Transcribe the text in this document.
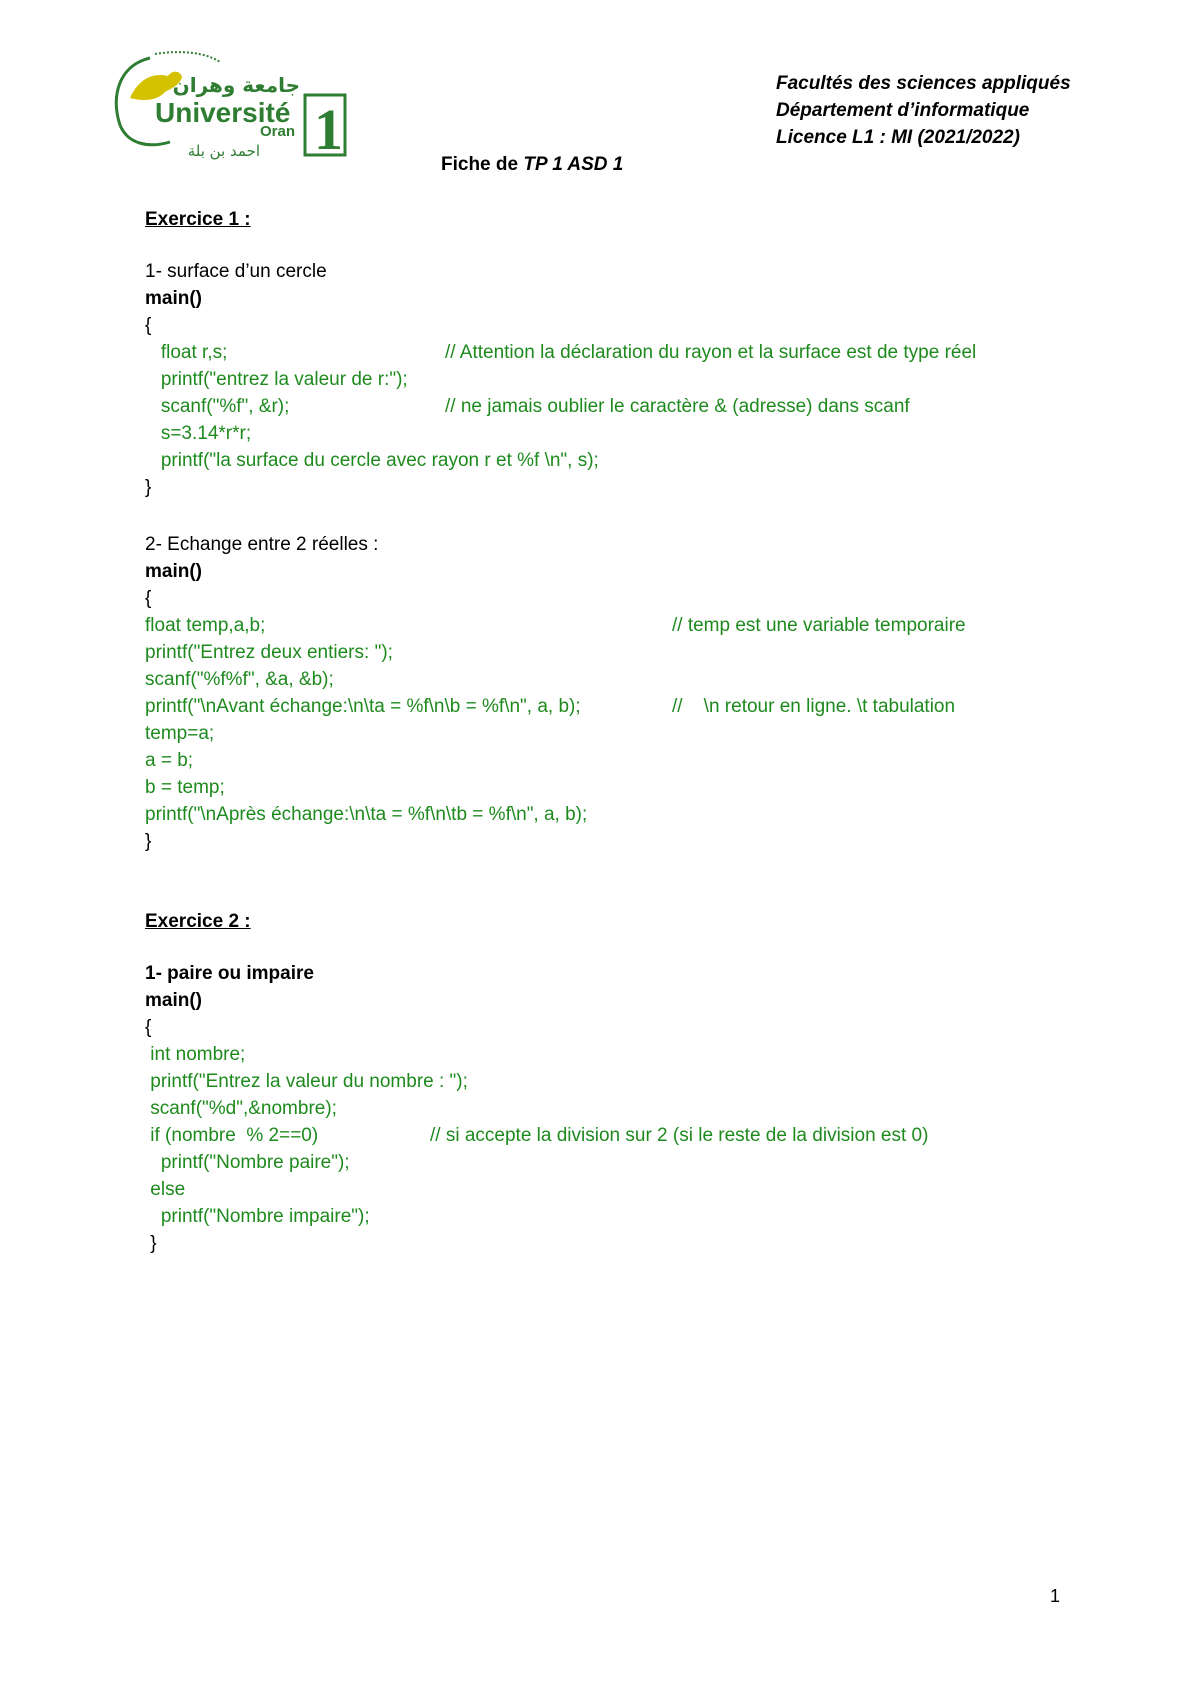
1
جامعة وهران
Université
Oran
احمد بن بلة
Facultés des sciences appliqués
Département d’informatique
Licence L1 : MI (2021/2022)
Fiche de TP 1 ASD 1
Exercice 1 :
1- surface d’un cercle
main()
{
float r,s;	// Attention la déclaration du rayon et la surface est de type réel
printf("entrez la valeur de r:");
scanf("%f", &r);	// ne jamais oublier le caractère & (adresse) dans scanf
s=3.14*r*r;
printf("la surface du cercle avec rayon r et %f \n", s);
}
2- Echange entre 2 réelles :
main()
{
float temp,a,b;	// temp est une variable temporaire
printf("Entrez deux entiers: ");
scanf("%f%f", &a, &b);
printf("\nAvant échange:\n\ta = %f\n\b = %f\n", a, b);	//    \n retour en ligne. \t tabulation
temp=a;
a = b;
b = temp;
printf("\nAprès échange:\n\ta = %f\n\tb = %f\n", a, b);
}
Exercice 2 :
1- paire ou impaire
main()
{
int nombre;
printf("Entrez la valeur du nombre : ");
scanf("%d",&nombre);
if (nombre  % 2==0)	// si accepte la division sur 2 (si le reste de la division est 0)
printf("Nombre paire");
else
printf("Nombre impaire");
}
1
